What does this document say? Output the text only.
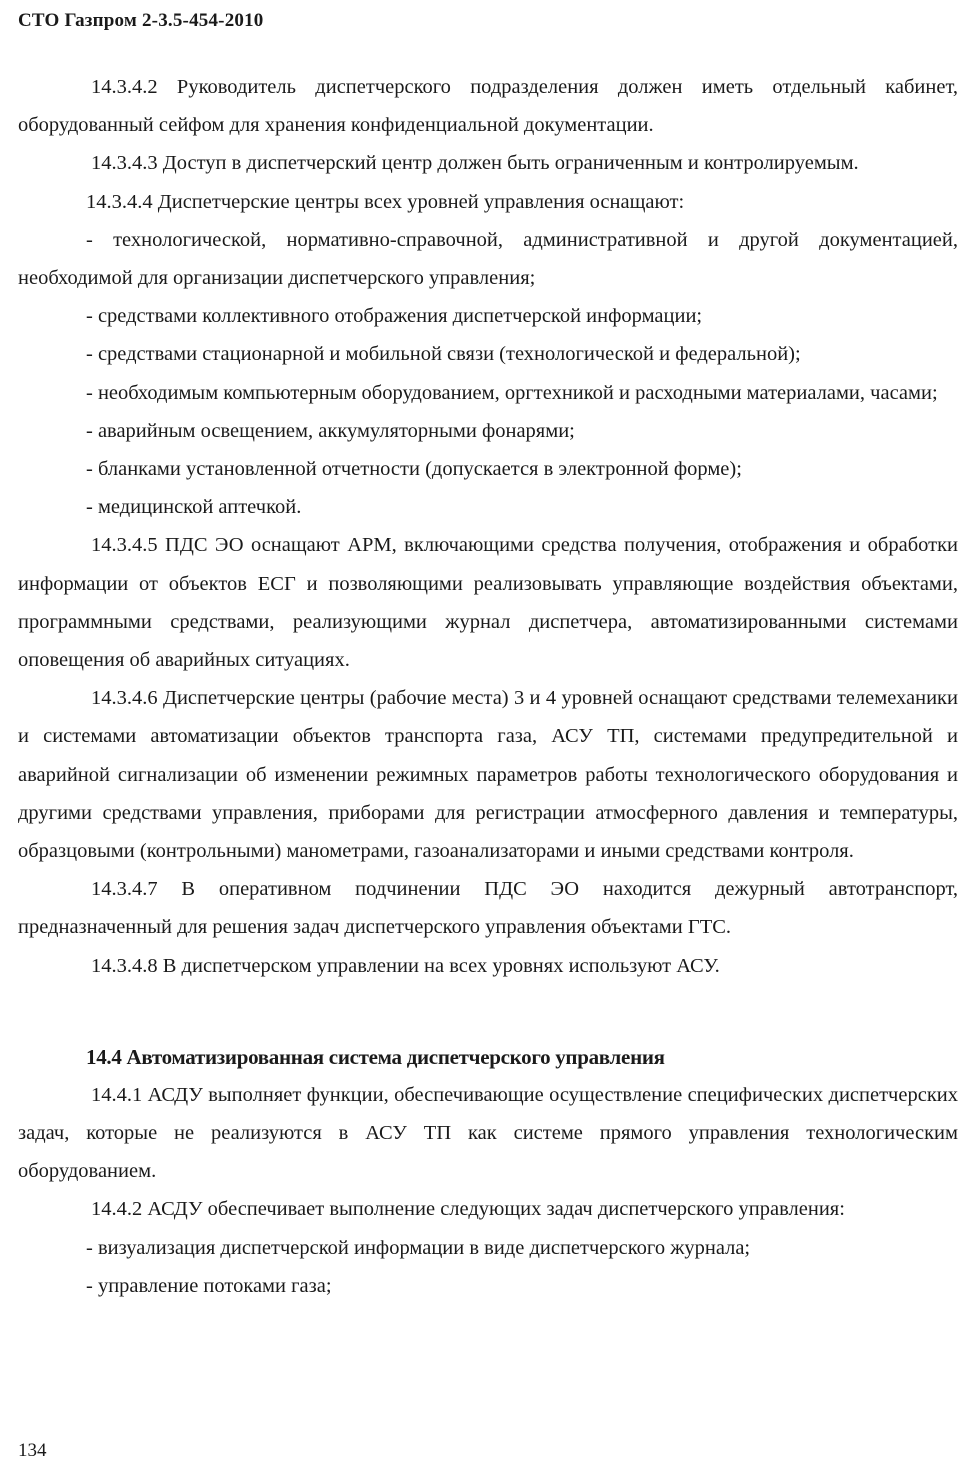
СТО Газпром 2-3.5-454-2010

14.3.4.2 Руководитель диспетчерского подразделения должен иметь отдельный кабинет, оборудованный сейфом для хранения конфиденциальной документации.

14.3.4.3 Доступ в диспетчерский центр должен быть ограниченным и контролируемым.

14.3.4.4 Диспетчерские центры всех уровней управления оснащают:

- технологической, нормативно-справочной, административной и другой документацией, необходимой для организации диспетчерского управления;

- средствами коллективного отображения диспетчерской информации;

- средствами стационарной и мобильной связи (технологической и федеральной);

- необходимым компьютерным оборудованием, оргтехникой и расходными материалами, часами;

- аварийным освещением, аккумуляторными фонарями;

- бланками установленной отчетности (допускается в электронной форме);

- медицинской аптечкой.

14.3.4.5 ПДС ЭО оснащают АРМ, включающими средства получения, отображения и обработки информации от объектов ЕСГ и позволяющими реализовывать управляющие воздействия объектами, программными средствами, реализующими журнал диспетчера, автоматизированными системами оповещения об аварийных ситуациях.

14.3.4.6 Диспетчерские центры (рабочие места) 3 и 4 уровней оснащают средствами телемеханики и системами автоматизации объектов транспорта газа, АСУ ТП, системами предупредительной и аварийной сигнализации об изменении режимных параметров работы технологического оборудования и другими средствами управления, приборами для регистрации атмосферного давления и температуры, образцовыми (контрольными) манометрами, газоанализаторами и иными средствами контроля.

14.3.4.7 В оперативном подчинении ПДС ЭО находится дежурный автотранспорт, предназначенный для решения задач диспетчерского управления объектами ГТС.

14.3.4.8 В диспетчерском управлении на всех уровнях используют АСУ.

14.4 Автоматизированная система диспетчерского управления

14.4.1 АСДУ выполняет функции, обеспечивающие осуществление специфических диспетчерских задач, которые не реализуются в АСУ ТП как системе прямого управления технологическим оборудованием.

14.4.2 АСДУ обеспечивает выполнение следующих задач диспетчерского управления:

- визуализация диспетчерской информации в виде диспетчерского журнала;

- управление потоками газа;

134
